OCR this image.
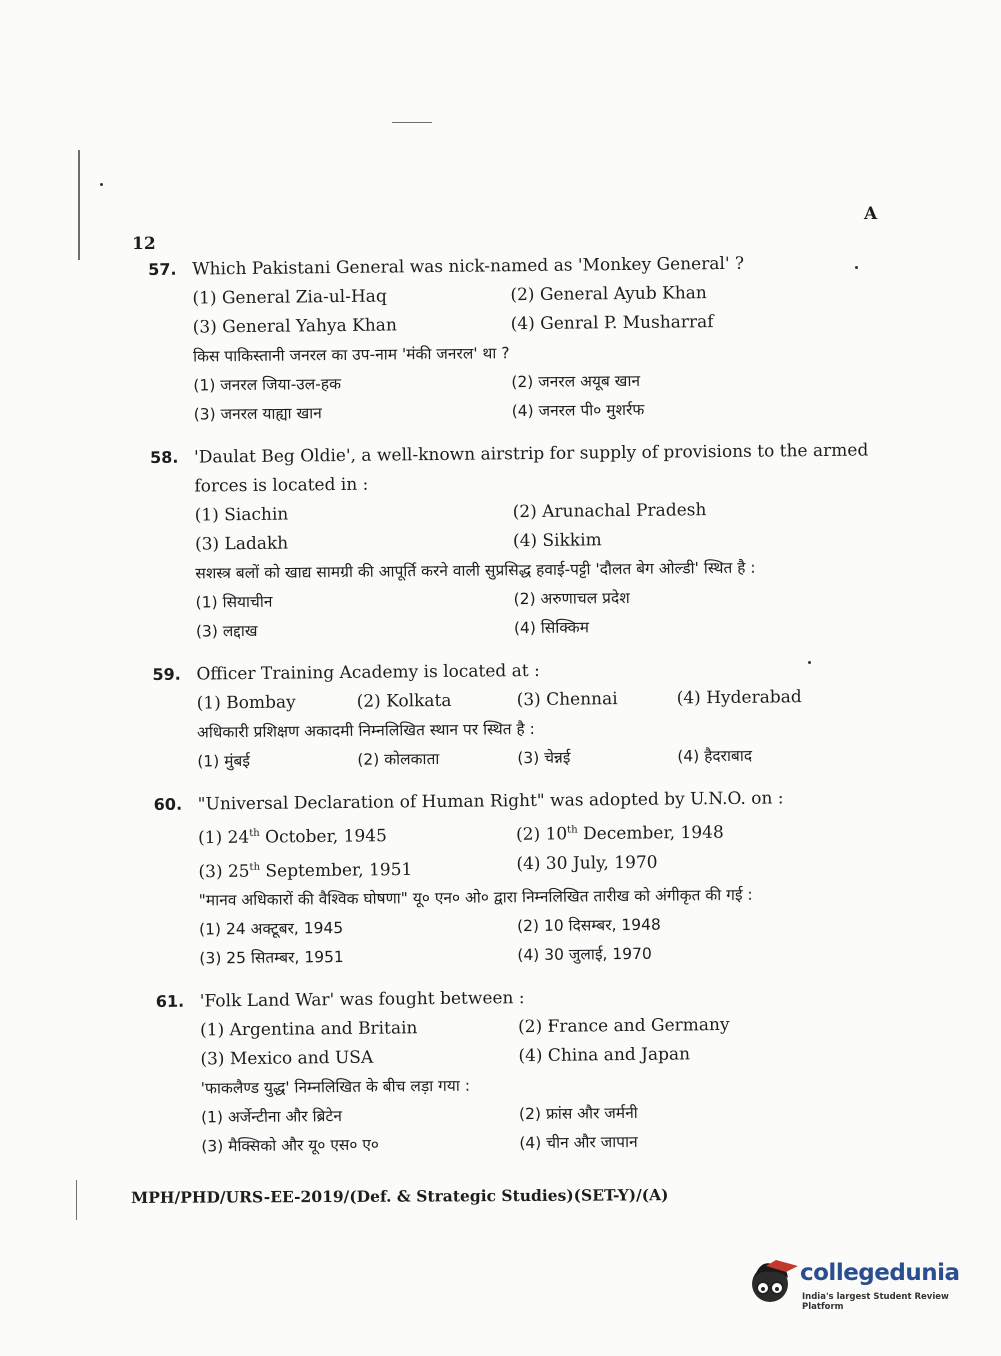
A
12
57. Which Pakistani General was nick-named as 'Monkey General' ?
(1) General Zia-ul-Haq	(2) General Ayub Khan
(3) General Yahya Khan	(4) Genral P. Musharraf
किस पाकिस्तानी जनरल का उप-नाम 'मंकी जनरल' था ?
(1) जनरल जिया-उल-हक	(2) जनरल अयूब खान
(3) जनरल याह्या खान	(4) जनरल पी० मुशर्रफ
58. 'Daulat Beg Oldie', a well-known airstrip for supply of provisions to the armed forces is located in :
(1) Siachin	(2) Arunachal Pradesh
(3) Ladakh	(4) Sikkim
सशस्त्र बलों को खाद्य सामग्री की आपूर्ति करने वाली सुप्रसिद्ध हवाई-पट्टी 'दौलत बेग ओल्डी' स्थित है :
(1) सियाचीन	(2) अरुणाचल प्रदेश
(3) लद्दाख	(4) सिक्किम
59. Officer Training Academy is located at :
(1) Bombay	(2) Kolkata	(3) Chennai	(4) Hyderabad
अधिकारी प्रशिक्षण अकादमी निम्नलिखित स्थान पर स्थित है :
(1) मुंबई	(2) कोलकाता	(3) चेन्नई	(4) हैदराबाद
60. "Universal Declaration of Human Right" was adopted by U.N.O. on :
(1) 24th October, 1945	(2) 10th December, 1948
(3) 25th September, 1951	(4) 30 July, 1970
"मानव अधिकारों की वैश्विक घोषणा" यू० एन० ओ० द्वारा निम्नलिखित तारीख को अंगीकृत की गई :
(1) 24 अक्टूबर, 1945	(2) 10 दिसम्बर, 1948
(3) 25 सितम्बर, 1951	(4) 30 जुलाई, 1970
61. 'Folk Land War' was fought between :
(1) Argentina and Britain	(2) France and Germany
(3) Mexico and USA	(4) China and Japan
'फाकलैण्ड युद्ध' निम्नलिखित के बीच लड़ा गया :
(1) अर्जेन्टीना और ब्रिटेन	(2) फ्रांस और जर्मनी
(3) मैक्सिको और यू० एस० ए०	(4) चीन और जापान
MPH/PHD/URS-EE-2019/(Def. & Strategic Studies)(SET-Y)/(A)
collegedunia
India's largest Student Review Platform
